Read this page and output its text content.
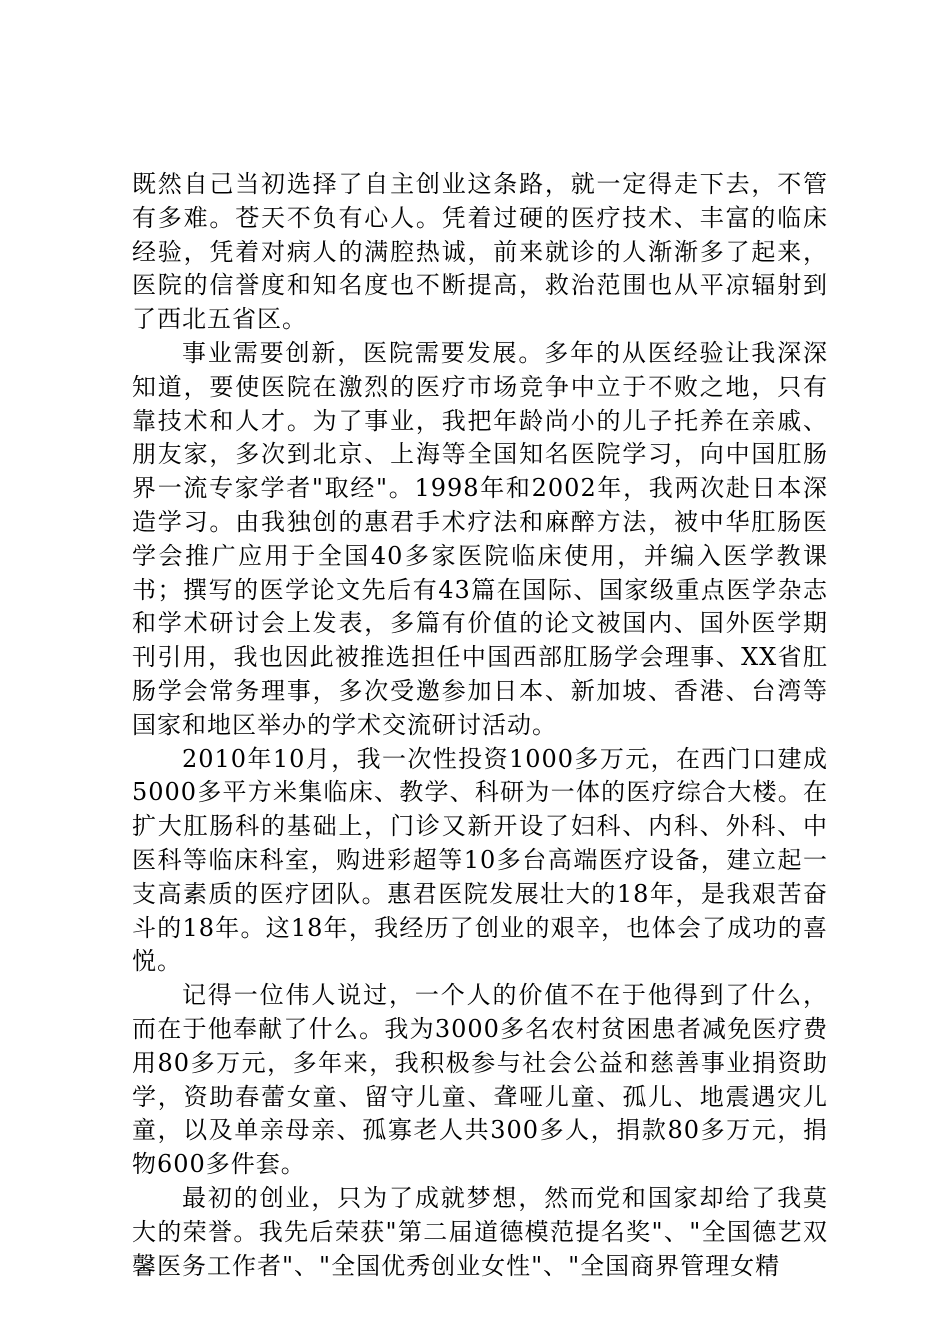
既然自己当初选择了自主创业这条路，就一定得走下去，不管有多难。苍天不负有心人。凭着过硬的医疗技术、丰富的临床经验，凭着对病人的满腔热诚，前来就诊的人渐渐多了起来，医院的信誉度和知名度也不断提高，救治范围也从平凉辐射到了西北五省区。

事业需要创新，医院需要发展。多年的从医经验让我深深知道，要使医院在激烈的医疗市场竞争中立于不败之地，只有靠技术和人才。为了事业，我把年龄尚小的儿子托养在亲戚、朋友家，多次到北京、上海等全国知名医院学习，向中国肛肠界一流专家学者"取经"。1998年和2002年，我两次赴日本深造学习。由我独创的惠君手术疗法和麻醉方法，被中华肛肠医学会推广应用于全国40多家医院临床使用，并编入医学教课书；撰写的医学论文先后有43篇在国际、国家级重点医学杂志和学术研讨会上发表，多篇有价值的论文被国内、国外医学期刊引用，我也因此被推选担任中国西部肛肠学会理事、XX省肛肠学会常务理事，多次受邀参加日本、新加坡、香港、台湾等国家和地区举办的学术交流研讨活动。

2010年10月，我一次性投资1000多万元，在西门口建成5000多平方米集临床、教学、科研为一体的医疗综合大楼。在扩大肛肠科的基础上，门诊又新开设了妇科、内科、外科、中医科等临床科室，购进彩超等10多台高端医疗设备，建立起一支高素质的医疗团队。惠君医院发展壮大的18年，是我艰苦奋斗的18年。这18年，我经历了创业的艰辛，也体会了成功的喜悦。

记得一位伟人说过，一个人的价值不在于他得到了什么，而在于他奉献了什么。我为3000多名农村贫困患者减免医疗费用80多万元，多年来，我积极参与社会公益和慈善事业捐资助学，资助春蕾女童、留守儿童、聋哑儿童、孤儿、地震遇灾儿童，以及单亲母亲、孤寡老人共300多人，捐款80多万元，捐物600多件套。

最初的创业，只为了成就梦想，然而党和国家却给了我莫大的荣誉。我先后荣获"第二届道德模范提名奖"、"全国德艺双馨医务工作者"、"全国优秀创业女性"、"全国商界管理女精
